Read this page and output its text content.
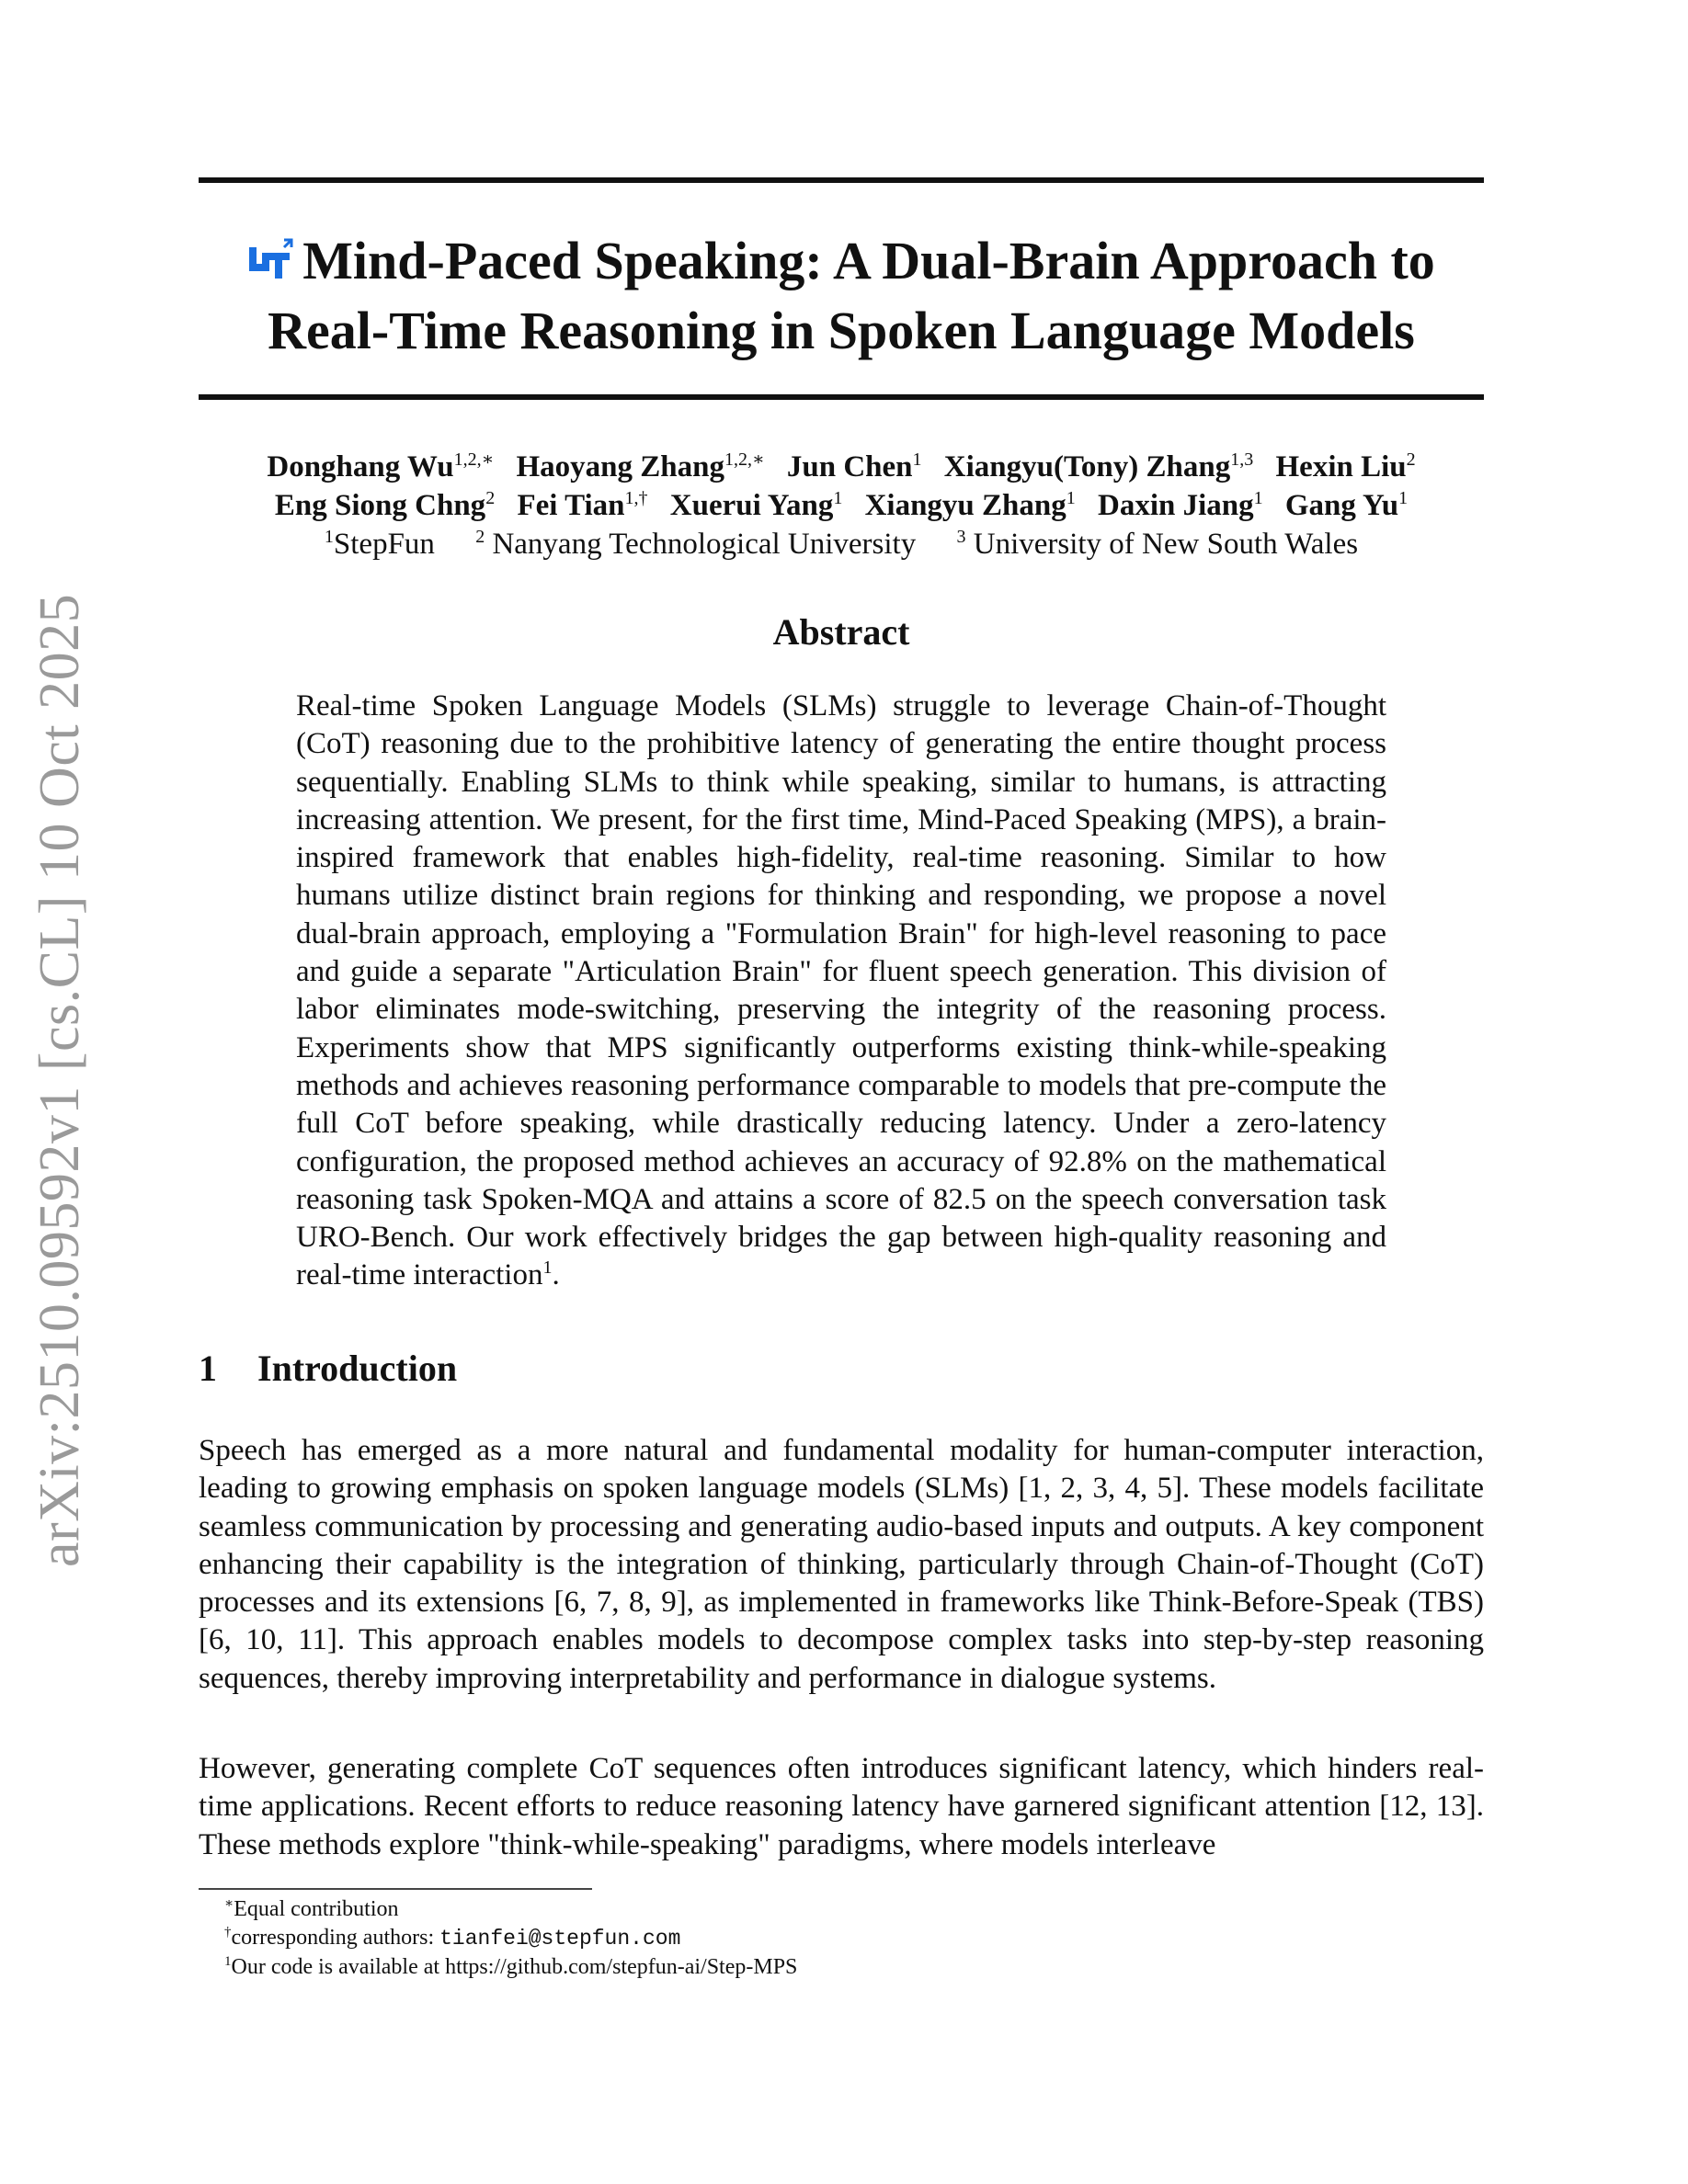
arXiv:2510.09592v1 [cs.CL] 10 Oct 2025
Mind-Paced Speaking: A Dual-Brain Approach to
Real-Time Reasoning in Spoken Language Models
Donghang $Wu^{1,2,∗}$ Haoyang Zhang$^{1,2,∗}$ Jun Chen$^1$ Xiangyu(Tony) Zhang$^{1,3}$ Hexin Liu$^2$
Eng Siong Chng$^2$ Fei Tian$^{1,\dagger}$ Xuerui Yang$^1$ Xiangyu Zhang$^1$ Daxin Jiang$^1$ Gang Yu$^1$
$^1$StepFun $^2$ Nanyang Technological University $^3$ University of New South Wales
Abstract
Real-time Spoken Language Models (SLMs) struggle to leverage Chain-of-Thought (CoT) reasoning due to the prohibitive latency of generating the entire thought process sequentially. Enabling SLMs to think while speaking, similar to humans, is attracting increasing attention. We present, for the first time, Mind-Paced Speaking (MPS), a brain-inspired framework that enables high-fidelity, real-time reasoning. Similar to how humans utilize distinct brain regions for thinking and responding, we propose a novel dual-brain approach, employing a "Formulation Brain" for high-level reasoning to pace and guide a separate "Articulation Brain" for fluent speech generation. This division of labor eliminates mode-switching, preserving the integrity of the reasoning process. Experiments show that MPS significantly outperforms existing think-while-speaking methods and achieves reasoning performance comparable to models that pre-compute the full CoT before speaking, while drastically reducing latency. Under a zero-latency configuration, the proposed method achieves an accuracy of 92.8% on the mathematical reasoning task Spoken-MQA and attains a score of 82.5 on the speech conversation task URO-Bench. Our work effectively bridges the gap between high-quality reasoning and real-time interaction$^1$.
1 Introduction
Speech has emerged as a more natural and fundamental modality for human-computer interaction, leading to growing emphasis on spoken language models (SLMs) [1, 2, 3, 4, 5]. These models facilitate seamless communication by processing and generating audio-based inputs and outputs. A key component enhancing their capability is the integration of thinking, particularly through Chain-of-Thought (CoT) processes and its extensions [6, 7, 8, 9], as implemented in frameworks like Think-Before-Speak (TBS) [6, 10, 11]. This approach enables models to decompose complex tasks into step-by-step reasoning sequences, thereby improving interpretability and performance in dialogue systems.
However, generating complete CoT sequences often introduces significant latency, which hinders real-time applications. Recent efforts to reduce reasoning latency have garnered significant attention [12, 13]. These methods explore "think-while-speaking" paradigms, where models interleave
∗Equal contribution
†corresponding authors: tianfei@stepfun.com
$^1$Our code is available at https://github.com/stepfun-ai/Step-MPS
